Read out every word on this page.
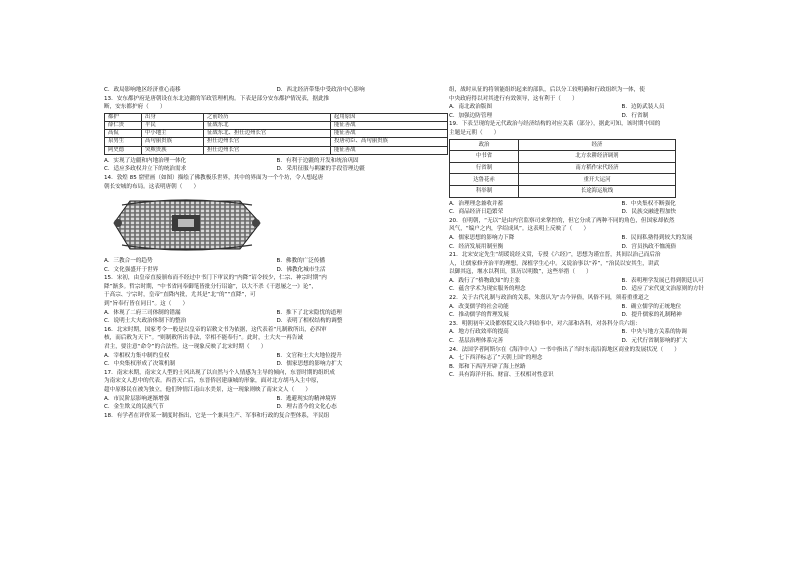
C．政局影响地区经济重心南移	D．西北经济带集中受政治中心影响
13．安东都护府是唐朝设在东北边疆的军政管理机构。下表是部分安东都护情况表，据此推
断，安东都护府（　　）
都护	出身	之前经历	起用原因
薛仁贵	平民	征战东北	能征善战
高侃	中小地主	征战东北、担任边州长官	能征善战
泉男生	高句丽贵族	担任边州长官	投唐功臣、高句丽贵族
阿史德	突厥贵族	担任边州长官	能征善战
A．实现了边疆和内地治理一体化	B．有利于边疆的开发和统治巩固
C．适应多政权并立下的统治需求	D．采用征服与羁縻的手段管理边疆
14．敦煌 85 窟壁画（如图）描绘了佛教极乐世界，其中的界面为一个个坊，令人想起唐
朝长安城的布局。这表明唐朝（　　）
A．三教合一的趋势	B．佛教的广泛传播
C．文化强盛开于世界	D．佛教化城市生活
15．宋初，由皇帝直接颁布而不经过中书门下审议的“内降”诏令较少，仁宗、神宗时期“内
降”渐多。哲宗时期，“中书省同奉御笔皆批分行诏谕”，以大不杀《干恩屡之一》论”，
于高宗、宁宗时，皇帝“直降内批，尤其是”北“的”“直降”，可
到“旨奉行皆在同日”。这（　　）
A．体现了二府三司体制的错漏	B．推下了北宋隐忧的道理
C．说明士大夫政治体制下的整治	D．表明了相权结构的调整
16．北宋时期，国家考令一般是以皇帝的诏敕文书为依据，这代表着“凡制敕所出，必四审
核，而后敕为天下”。“则制敕所出非法，宰相不能奉行”。此时，士大夫一再告诫
君主，要注意“命令”的合法性。这一现象反映了北宋时期（　　）
A．宰相权力集中制约皇权	B．文官和士大夫地位提升
C．中央集权形成了决策机制	D．儒家思想的影响力扩大
17．南宋末期，南宋文人型的士风出现了以自然与个人情感为主导的倾向，东晋时期的组织成
为南宋文人思中的代表。西晋灭亡后，东晋侨居建康城的形象，面对北方胡马入主中原，
超中原移民在被为独立，他们钟情江南山水美景，这一现象则映了南宋文人（　　）
A．市民阶层影响逐渐增强	B．逃避现实的精神境界
C．金生欺义的民族气节	D．理古喜今的文化心态
18．有学者在评价某一制度时指出，它是一个兼具生产、军事和行政的复合型体系，平民组
组，战时从征的将领能组织起来的部队，后以分工较明确和行政组织为一体，使
中央政府得以对其进行有效领导，这有利于（　　）
A．南北政治版图	B．边防武装人员
C．加强边防管理	D．行省制
19．下表呈现的是元代政治与经济结构的对应关系（部分），据此可知，该时期中国的
主题是元朝（　　）
政治	经济
中书省	北方农耕经济调剂
行省制	南方稻作宋代经济
达鲁花赤	重开大运河
科举制	长途海运航线
A．治理理念兼收并蓄	B．中央集权不断强化
C．商品经济日趋繁荣	D．民族交融进程加快
20．在明朝，“无以”是由内官监察司来掌控的，但它分成了两种不同的角色，但国家却依然
风气，“编户之内，学绍成风”。这表明上反映了（　　）
A．儒家思想的影响力下降	B．民间私塾得到较大的发展
C．经济发展用制至衡	D．宫员执政不恤流俗
21．北宋安定先生“胡瑗说经义赏，专授《六经》”，思想为谨宜普，其间以治己而后治
人，让儒家修齐治平的理想，深植学生心中。又说治事以“养”，“治民以安其生，讲武
以御其寇，堰水以利田，算历以明数”，这些举措（　　）
A．践行了“格物致知”的主张	B．表明理学发展已得到朝廷认可
C．蕴含学术为现实服务的理念	D．适应了宋代更文治原则的方针
22．关于古代礼制与政治的关系，朱熹认为“古今异俗，风俗不同，须着重重道之
A．改变儒学的社会功能	B．确立儒学的正统地位
C．推动儒学的哲理发展	D．提升儒家的礼制精神
23．明朝初年又设都察院又设六科给事中，对六部和各科，对各科分兵六组：
A．地方行政效率的提高	B．中央与地方关系的协调
C．基层治理体系完善	D．元代行省制影响的扩大
24．法国学者阿斯尔在《海洋中人》一书中指出了当时东南沿海地区商业的发展状况（　　）
A．七下西洋标志了“天朝上国”的理念
B．郑和下西洋开辟了海上丝路
C．具有海洋开拓、财富、王权相对性意识
